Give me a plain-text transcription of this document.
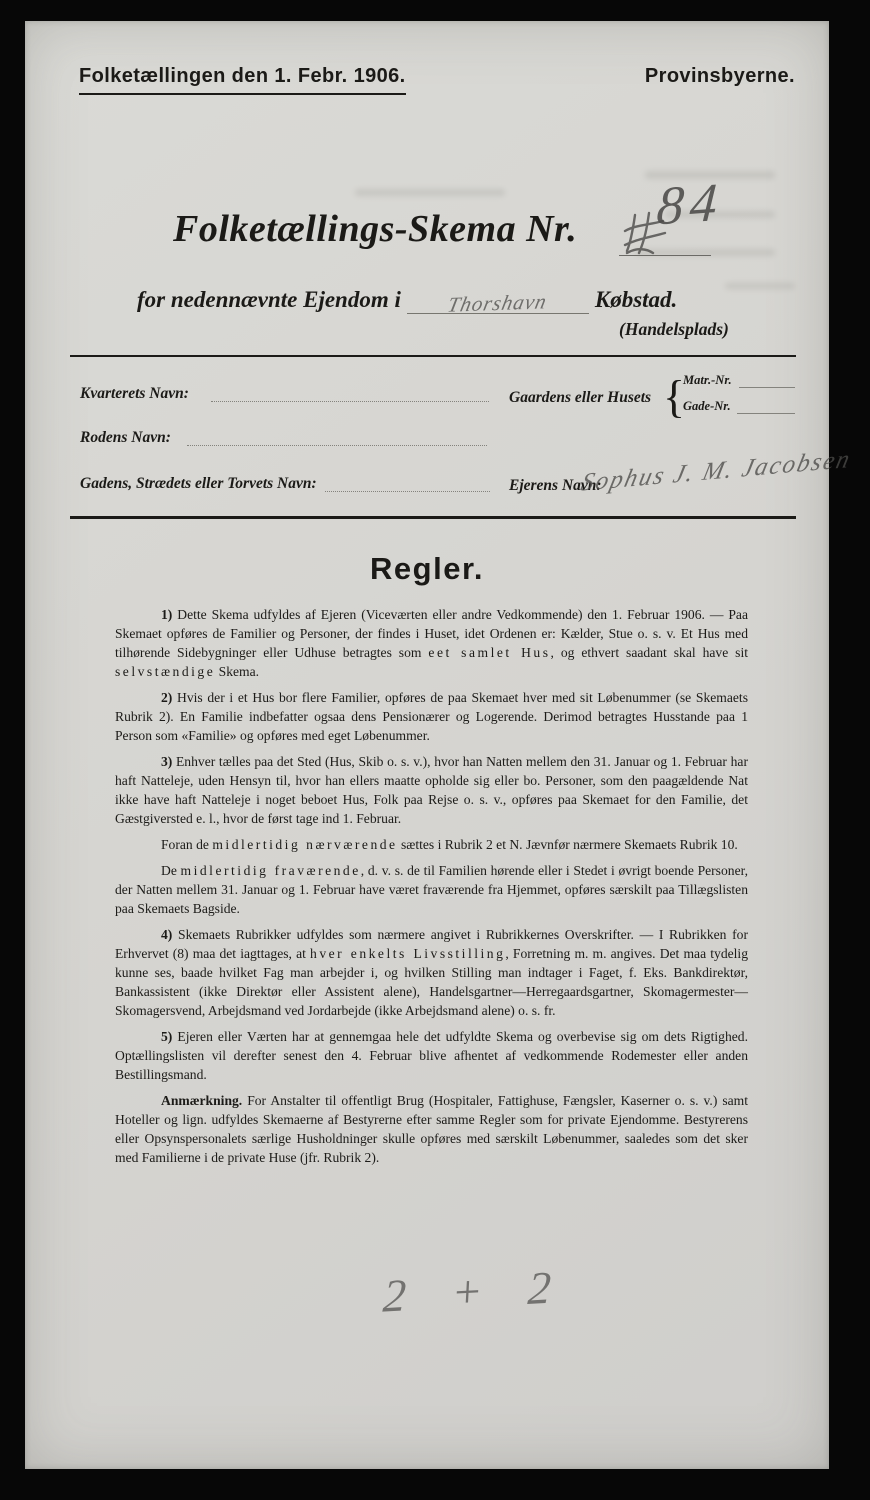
Folketællingen den 1. Febr. 1906.	Provinsbyerne.
Folketællings-Skema Nr. 84
for nedennævnte Ejendom i Thorshavn Købstad.
(Handelsplads)
Kvarterets Navn:	Gaardens eller Husets {
Matr.-Nr.
Gade-Nr.
Rodens Navn:
Gadens, Strædets eller Torvets Navn:	Ejerens Navn:
Sophus J. M. Jacobsen
Regler.

1) Dette Skema udfyldes af Ejeren (Viceværten eller andre Vedkommende) den 1. Februar 1906. — Paa Skemaet opføres de Familier og Personer, der findes i Huset, idet Ordenen er: Kælder, Stue o. s. v. Et Hus med tilhørende Sidebygninger eller Udhuse betragtes som eet samlet Hus, og ethvert saadant skal have sit selvstændige Skema.

2) Hvis der i et Hus bor flere Familier, opføres de paa Skemaet hver med sit Løbenummer (se Skemaets Rubrik 2). En Familie indbefatter ogsaa dens Pensionærer og Logerende. Derimod betragtes Husstande paa 1 Person som «Familie» og opføres med eget Løbenummer.

3) Enhver tælles paa det Sted (Hus, Skib o. s. v.), hvor han Natten mellem den 31. Januar og 1. Februar har haft Natteleje, uden Hensyn til, hvor han ellers maatte opholde sig eller bo. Personer, som den paagældende Nat ikke have haft Natteleje i noget beboet Hus, Folk paa Rejse o. s. v., opføres paa Skemaet for den Familie, det Gæstgiversted e. l., hvor de først tage ind 1. Februar.

Foran de midlertidig nærværende sættes i Rubrik 2 et N. Jævnfør nærmere Skemaets Rubrik 10.

De midlertidig fraværende, d. v. s. de til Familien hørende eller i Stedet i øvrigt boende Personer, der Natten mellem 31. Januar og 1. Februar have været fraværende fra Hjemmet, opføres særskilt paa Tillægslisten paa Skemaets Bagside.

4) Skemaets Rubrikker udfyldes som nærmere angivet i Rubrikkernes Overskrifter. — I Rubrikken for Erhvervet (8) maa det iagttages, at hver enkelts Livsstilling, Forretning m. m. angives. Det maa tydelig kunne ses, baade hvilket Fag man arbejder i, og hvilken Stilling man indtager i Faget, f. Eks. Bankdirektør, Bankassistent (ikke Direktør eller Assistent alene), Handelsgartner—Herregaardsgartner, Skomagermester—Skomagersvend, Arbejdsmand ved Jordarbejde (ikke Arbejdsmand alene) o. s. fr.

5) Ejeren eller Værten har at gennemgaa hele det udfyldte Skema og overbevise sig om dets Rigtighed. Optællingslisten vil derefter senest den 4. Februar blive afhentet af vedkommende Rodemester eller anden Bestillingsmand.

Anmærkning. For Anstalter til offentligt Brug (Hospitaler, Fattighuse, Fængsler, Kaserner o. s. v.) samt Hoteller og lign. udfyldes Skemaerne af Bestyrerne efter samme Regler som for private Ejendomme. Bestyrerens eller Opsynspersonalets særlige Husholdninger skulle opføres med særskilt Løbenummer, saaledes som det sker med Familierne i de private Huse (jfr. Rubrik 2).

2 + 2
